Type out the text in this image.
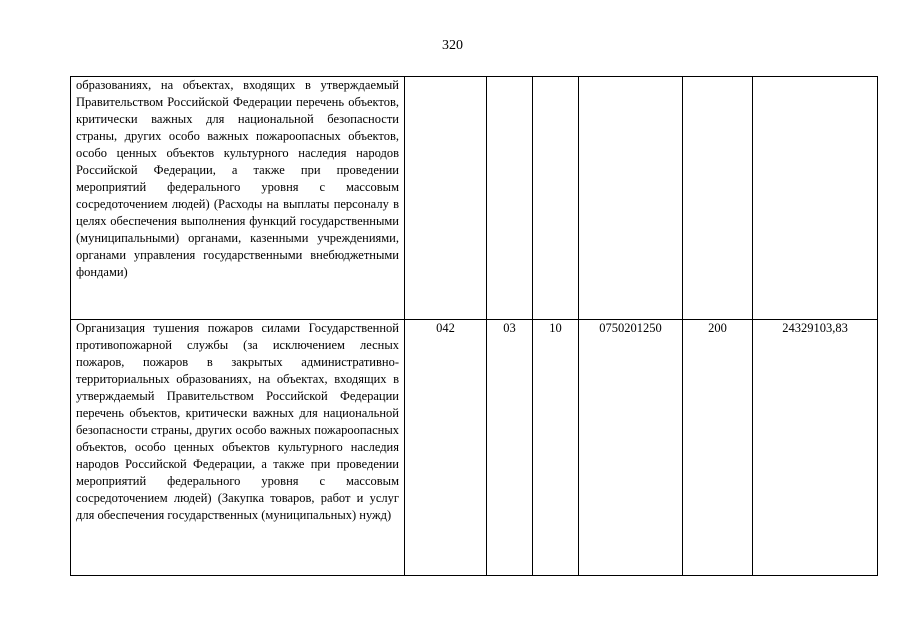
320
образованиях, на объектах, входящих в утверждаемый Правительством Российской Федерации перечень объектов, критически важных для национальной безопасности страны, других особо важных пожароопасных объектов, особо ценных объектов культурного наследия народов Российской Федерации, а также при проведении мероприятий федерального уровня с массовым сосредоточением людей) (Расходы на выплаты персоналу в целях обеспечения выполнения функций государственными (муниципальными) органами, казенными учреждениями, органами управления государственными внебюджетными фондами)						
Организация тушения пожаров силами Государственной противопожарной службы (за исключением лесных пожаров, пожаров в закрытых административно-территориальных образованиях, на объектах, входящих в утверждаемый Правительством Российской Федерации перечень объектов, критически важных для национальной безопасности страны, других особо важных пожароопасных объектов, особо ценных объектов культурного наследия народов Российской Федерации, а также при проведении мероприятий федерального уровня с массовым сосредоточением людей) (Закупка товаров, работ и услуг для обеспечения государственных (муниципальных) нужд)	042	03	10	0750201250	200	24329103,83
